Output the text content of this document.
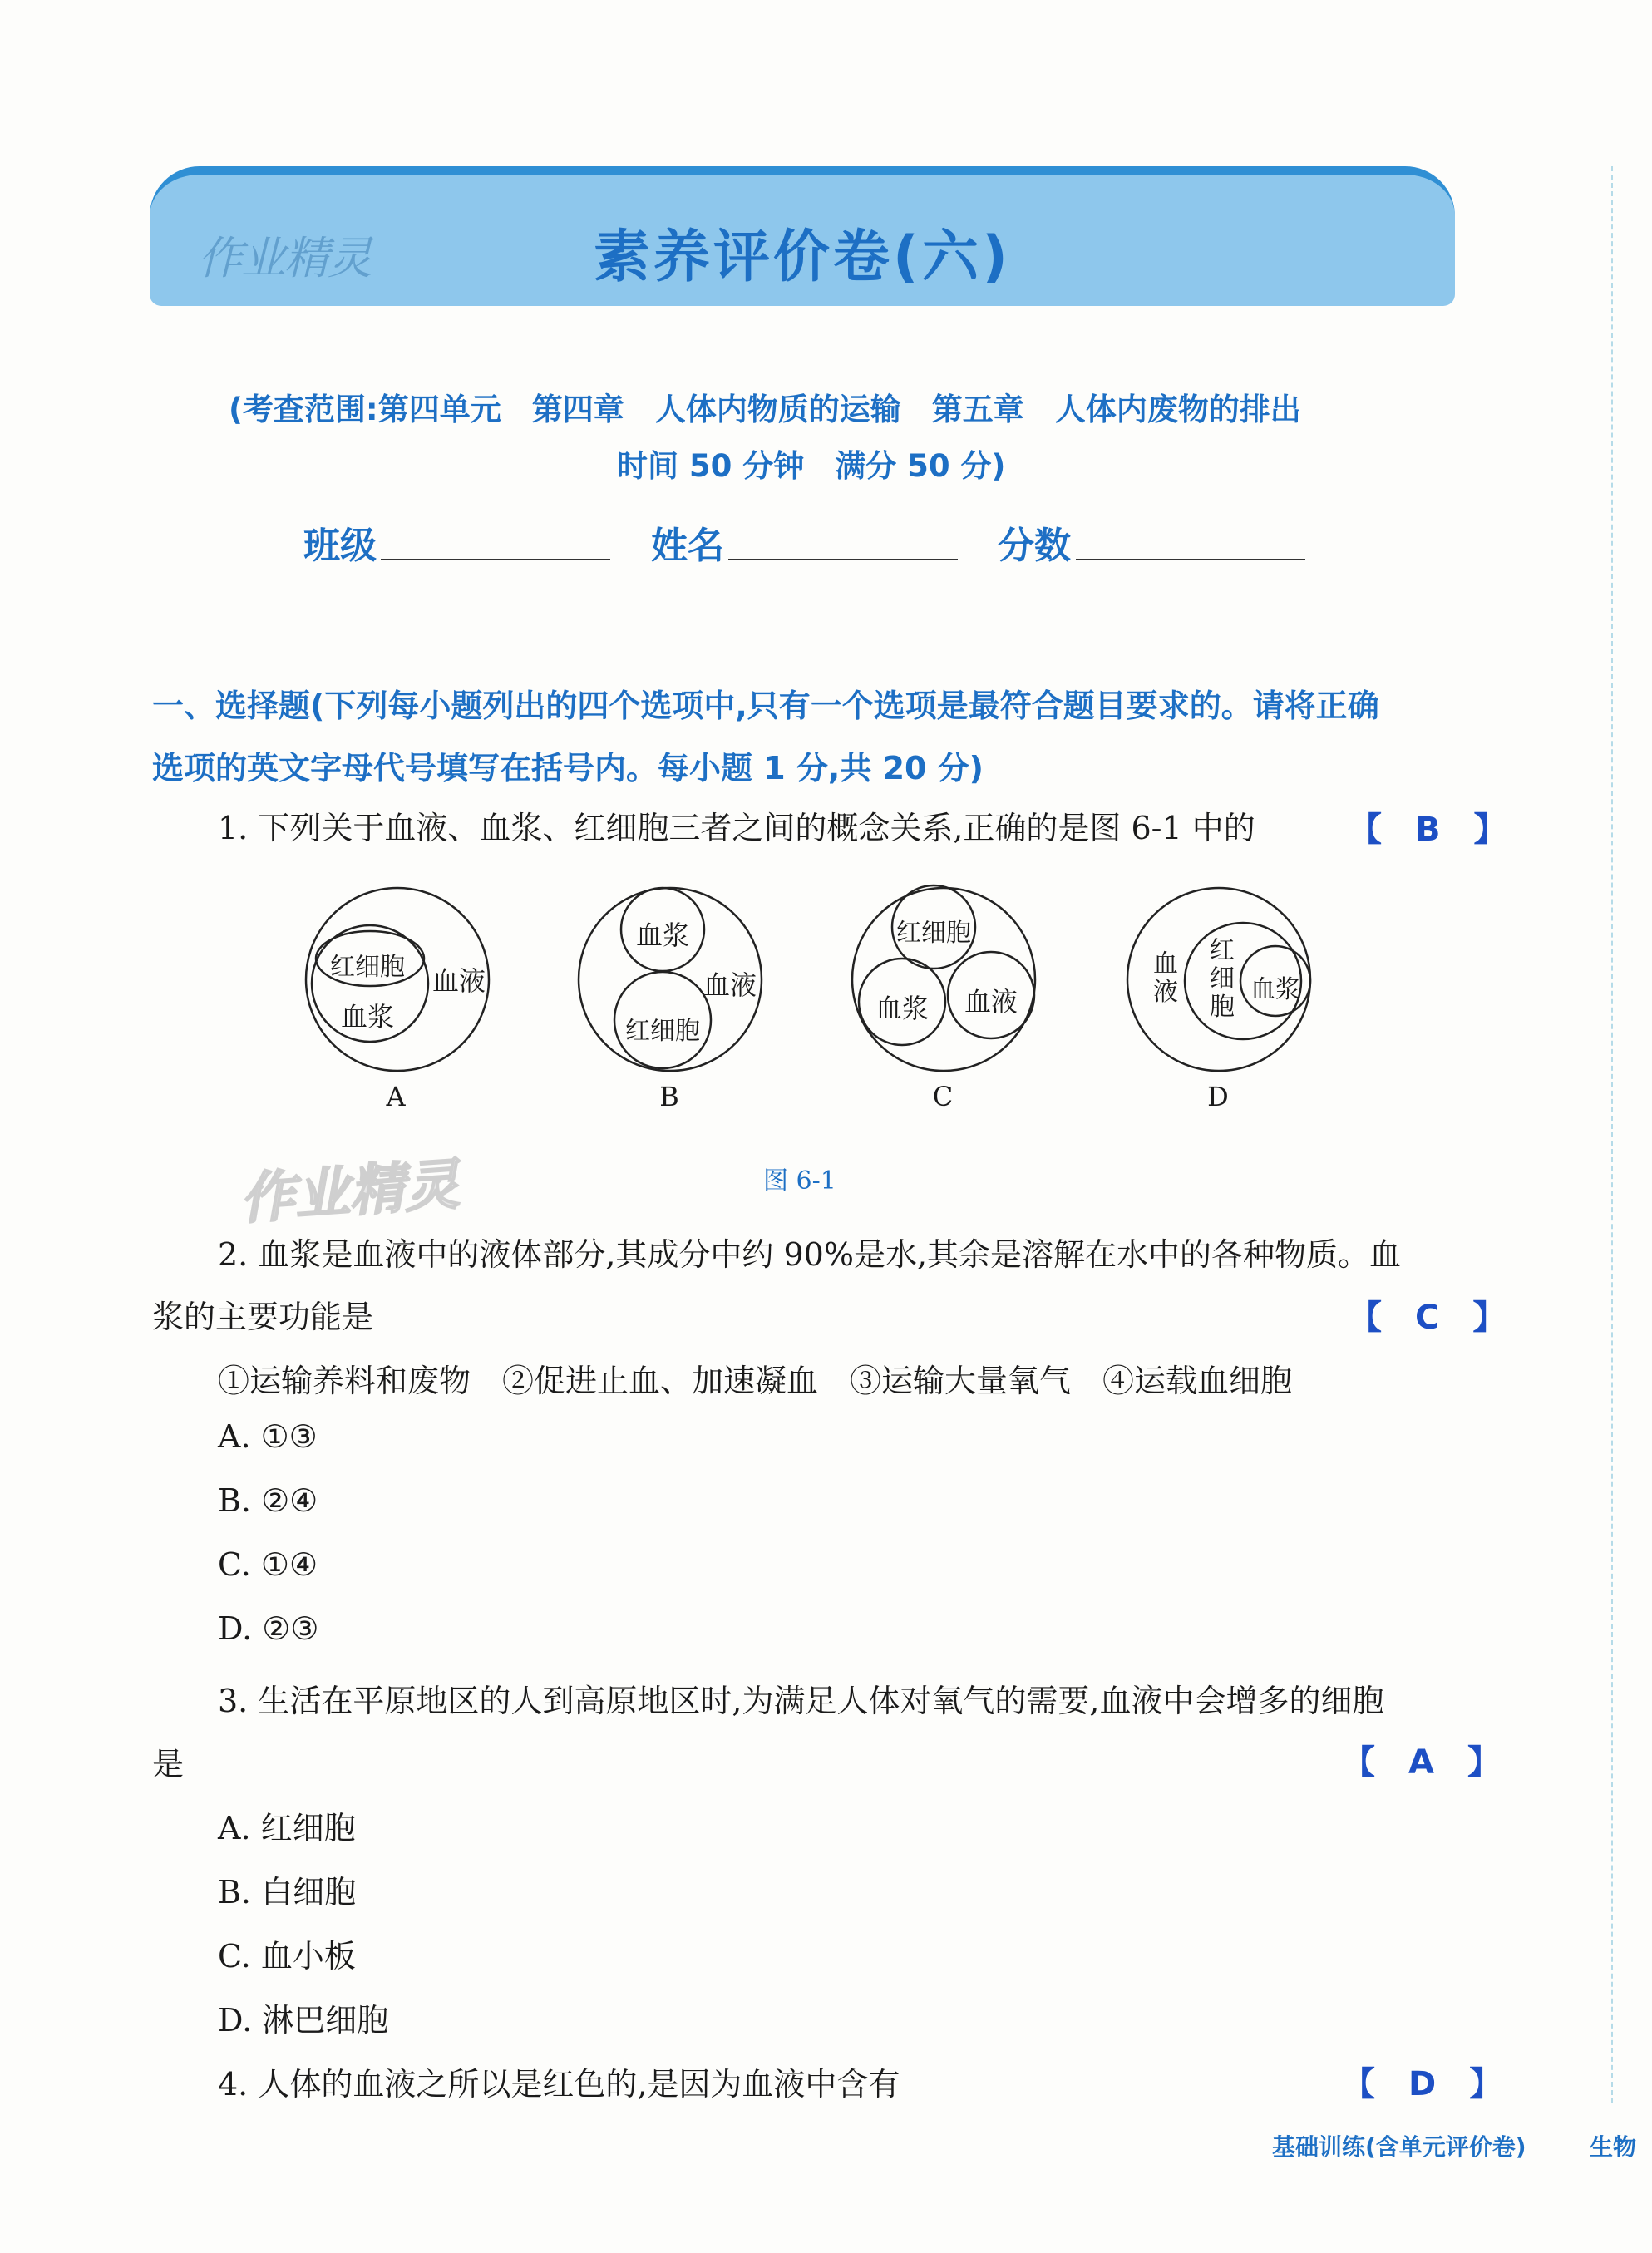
作业精灵	素养评价卷(六)
(考查范围:第四单元　第四章　人体内物质的运输　第五章　人体内废物的排出
时间 50 分钟　满分 50 分)
班级	姓名	分数
一、选择题(下列每小题列出的四个选项中,只有一个选项是最符合题目要求的。请将正确
选项的英文字母代号填写在括号内。每小题 1 分,共 20 分)
1. 下列关于血液、血浆、红细胞三者之间的概念关系,正确的是图 6-1 中的	【　B　】
红细胞
血浆
血液
A
血浆
红细胞
血液
B
红细胞
血浆 血液
C
血
液
红
细
胞
血浆
D
作业精灵	图 6-1
2. 血浆是血液中的液体部分,其成分中约 90%是水,其余是溶解在水中的各种物质。血
浆的主要功能是	【　C　】
①运输养料和废物　②促进止血、加速凝血　③运输大量氧气　④运载血细胞
A. ①③
B. ②④
C. ①④
D. ②③
3. 生活在平原地区的人到高原地区时,为满足人体对氧气的需要,血液中会增多的细胞
是	【　A　】
A. 红细胞
B. 白细胞
C. 血小板
D. 淋巴细胞
4. 人体的血液之所以是红色的,是因为血液中含有	【　D　】
基础训练(含单元评价卷)	生物
